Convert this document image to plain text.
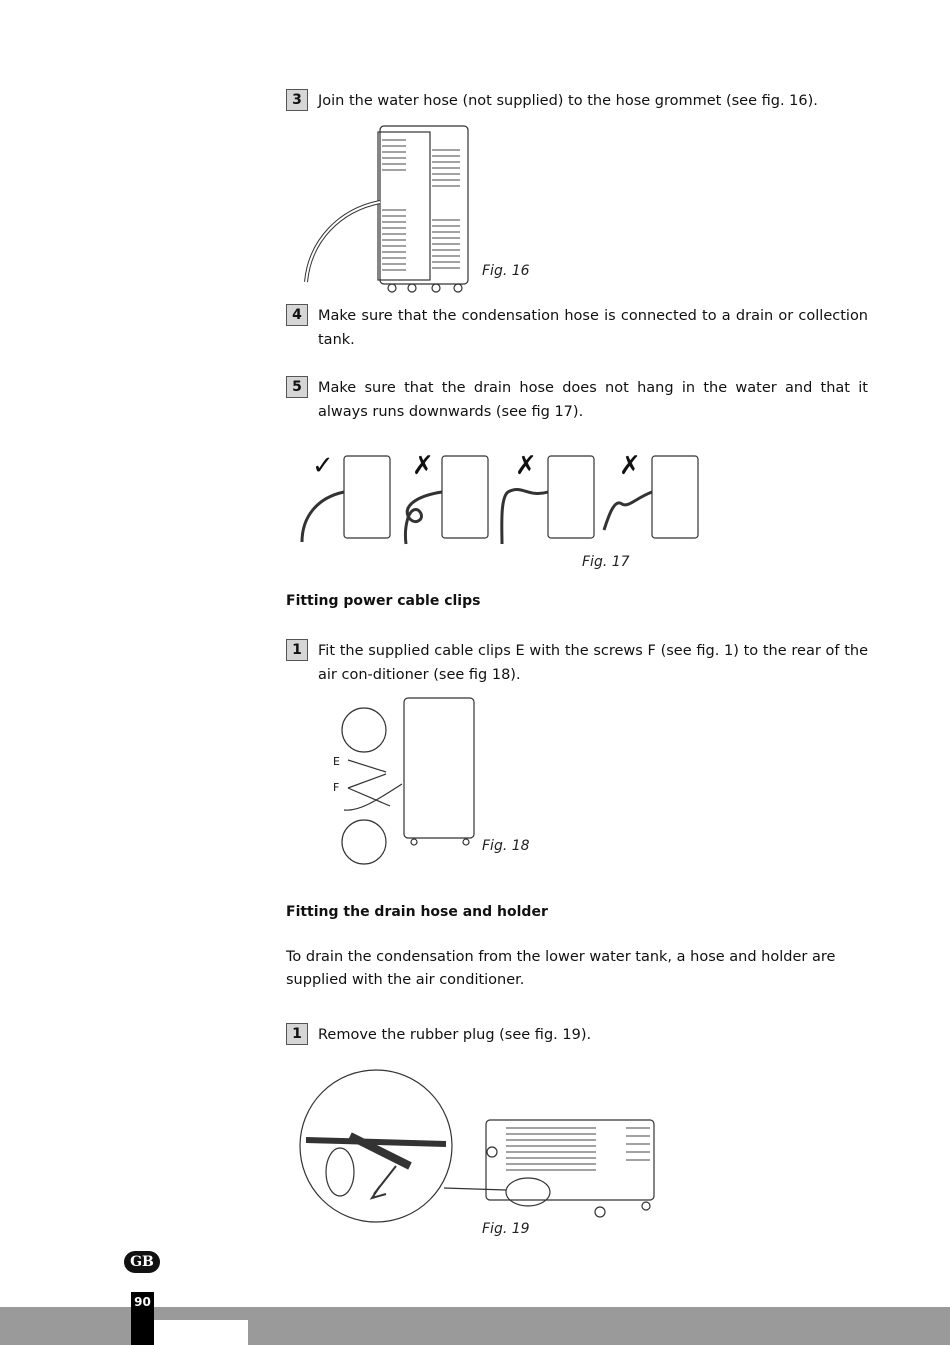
3	Join the water hose (not supplied) to the hose grommet (see fig. 16).
Fig. 16
4	Make sure that the condensation hose is connected to a drain or collection tank.
5	Make sure that the drain hose does not hang in the water and that it always runs downwards (see fig 17).
✓	✗	✗	✗
Fig. 17
Fitting power cable clips
1	Fit the supplied cable clips E with the screws F (see fig. 1) to the rear of the air con-ditioner (see fig 18).
E
F
Fig. 18
Fitting the drain hose and holder
To drain the condensation from the lower water tank, a hose and holder are supplied with the air conditioner.
1	Remove the rubber plug (see fig. 19).
Fig. 19
GB
90
